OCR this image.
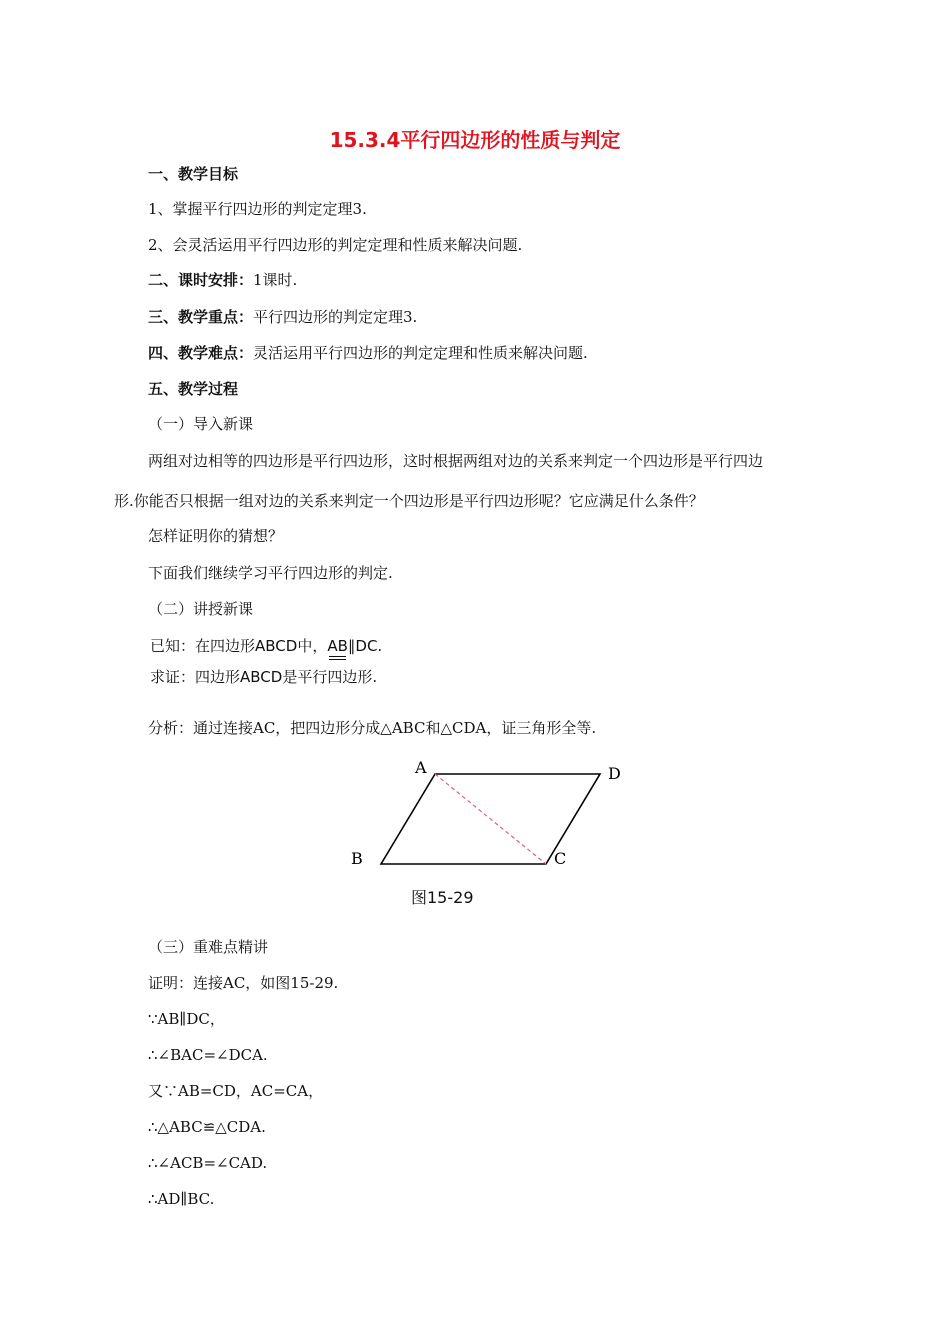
15.3.4平行四边形的性质与判定
一、教学目标
1、掌握平行四边形的判定定理3.
2、会灵活运用平行四边形的判定定理和性质来解决问题.
二、课时安排：1课时.
三、教学重点：平行四边形的判定定理3.
四、教学难点：灵活运用平行四边形的判定定理和性质来解决问题.
五、教学过程
（一）导入新课
两组对边相等的四边形是平行四边形，这时根据两组对边的关系来判定一个四边形是平行四边
形.你能否只根据一组对边的关系来判定一个四边形是平行四边形呢？它应满足什么条件？
怎样证明你的猜想？
下面我们继续学习平行四边形的判定.
（二）讲授新课
已知：在四边形ABCD中，AB∥DC.
求证：四边形ABCD是平行四边形.
分析：通过连接AC，把四边形分成△ABC和△CDA，证三角形全等.
A	D
B	C
图15-29
（三）重难点精讲
证明：连接AC，如图15-29.
∵AB∥DC，
∴∠BAC=∠DCA.
又∵AB=CD，AC=CA，
∴△ABC≌△CDA.
∴∠ACB=∠CAD.
∴AD∥BC.
